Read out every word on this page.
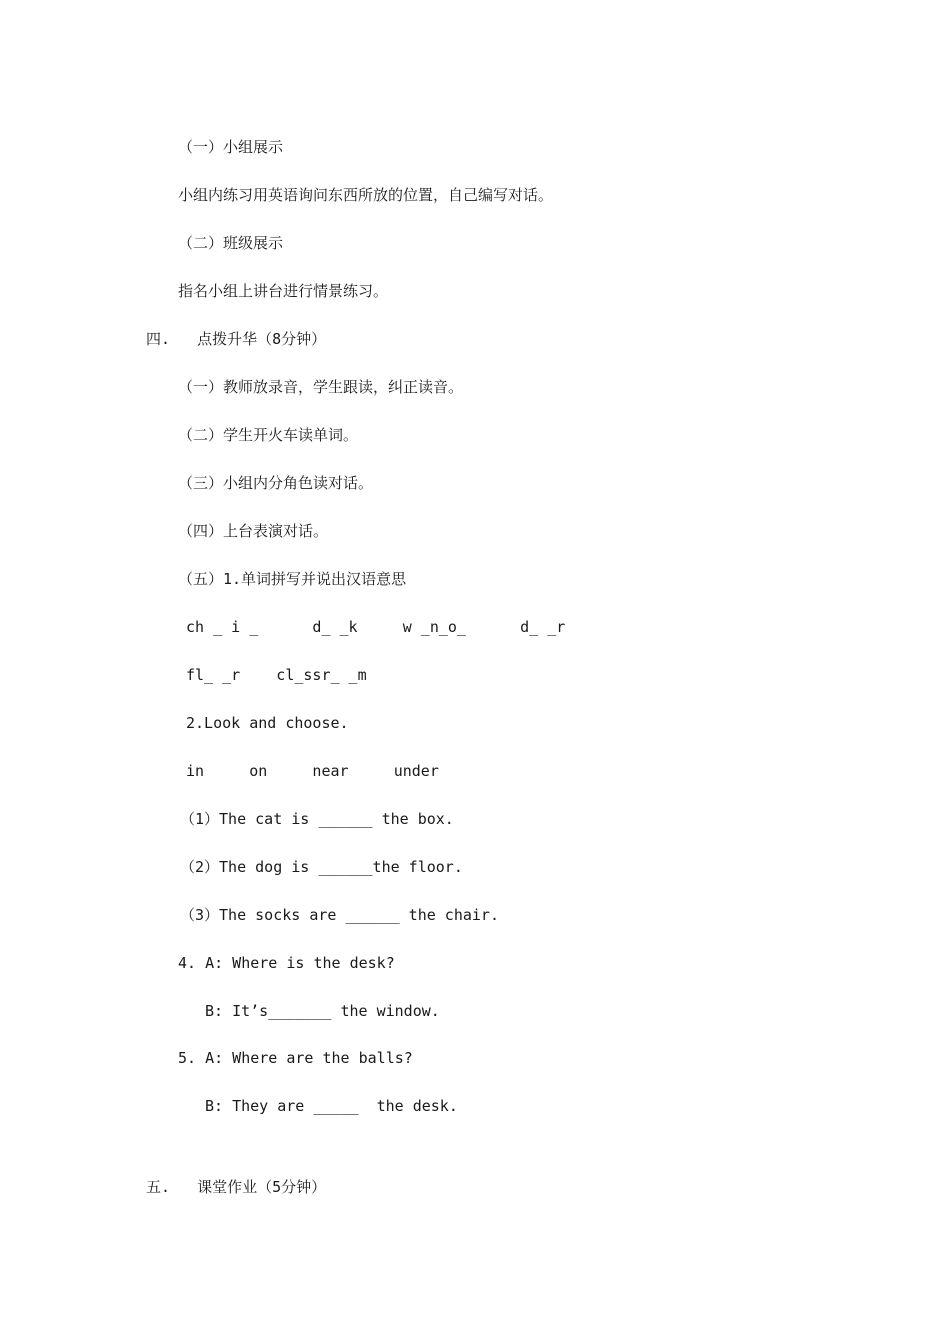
（一）小组展示
小组内练习用英语询问东西所放的位置，自己编写对话。
（二）班级展示
指名小组上讲台进行情景练习。
四.   点拨升华（8分钟）
（一）教师放录音，学生跟读，纠正读音。
（二）学生开火车读单词。
（三）小组内分角色读对话。
（四）上台表演对话。
（五）1.单词拼写并说出汉语意思
ch _ i _      d_ _k     w _n_o_      d_ _r
fl_ _r    cl_ssr_ _m
2.Look and choose.
in     on     near     under
（1）The cat is ______ the box.
（2）The dog is ______the floor.
（3）The socks are ______ the chair.
4. A: Where is the desk?
B: It’s_______ the window.
5. A: Where are the balls?
B: They are _____  the desk.
五.   课堂作业（5分钟）
